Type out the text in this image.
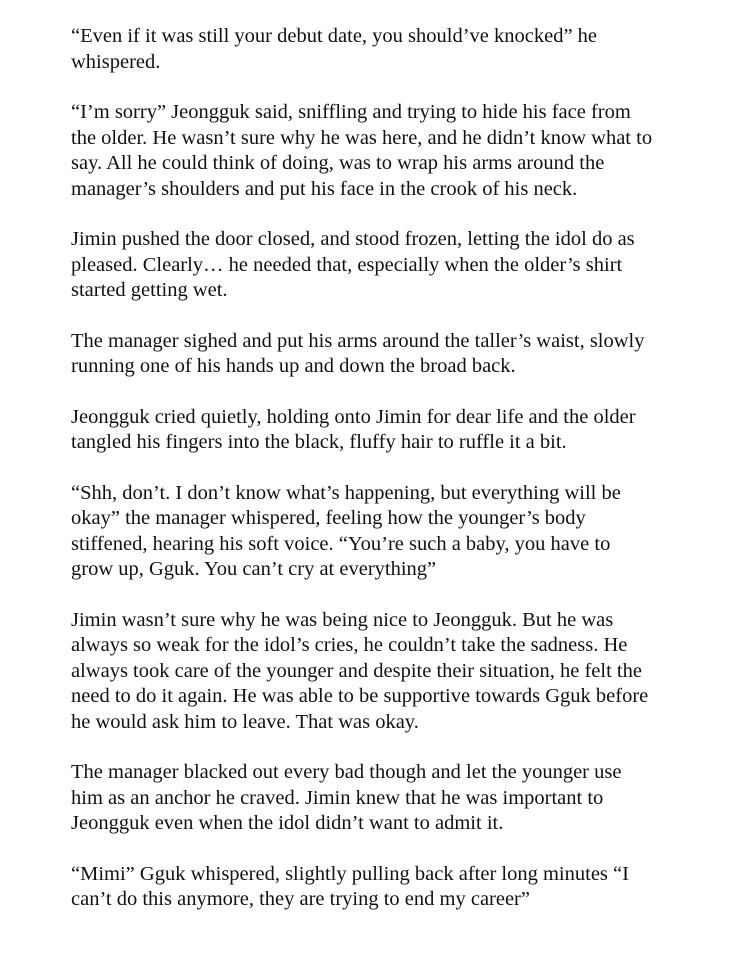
“Even if it was still your debut date, you should’ve knocked” he
whispered.

“I’m sorry” Jeongguk said, sniffling and trying to hide his face from
the older. He wasn’t sure why he was here, and he didn’t know what to
say. All he could think of doing, was to wrap his arms around the
manager’s shoulders and put his face in the crook of his neck.

Jimin pushed the door closed, and stood frozen, letting the idol do as
pleased. Clearly… he needed that, especially when the older’s shirt
started getting wet.

The manager sighed and put his arms around the taller’s waist, slowly
running one of his hands up and down the broad back.

Jeongguk cried quietly, holding onto Jimin for dear life and the older
tangled his fingers into the black, fluffy hair to ruffle it a bit.

“Shh, don’t. I don’t know what’s happening, but everything will be
okay” the manager whispered, feeling how the younger’s body
stiffened, hearing his soft voice. “You’re such a baby, you have to
grow up, Gguk. You can’t cry at everything”

Jimin wasn’t sure why he was being nice to Jeongguk. But he was
always so weak for the idol’s cries, he couldn’t take the sadness. He
always took care of the younger and despite their situation, he felt the
need to do it again. He was able to be supportive towards Gguk before
he would ask him to leave. That was okay.

The manager blacked out every bad though and let the younger use
him as an anchor he craved. Jimin knew that he was important to
Jeongguk even when the idol didn’t want to admit it.

“Mimi” Gguk whispered, slightly pulling back after long minutes “I
can’t do this anymore, they are trying to end my career”
